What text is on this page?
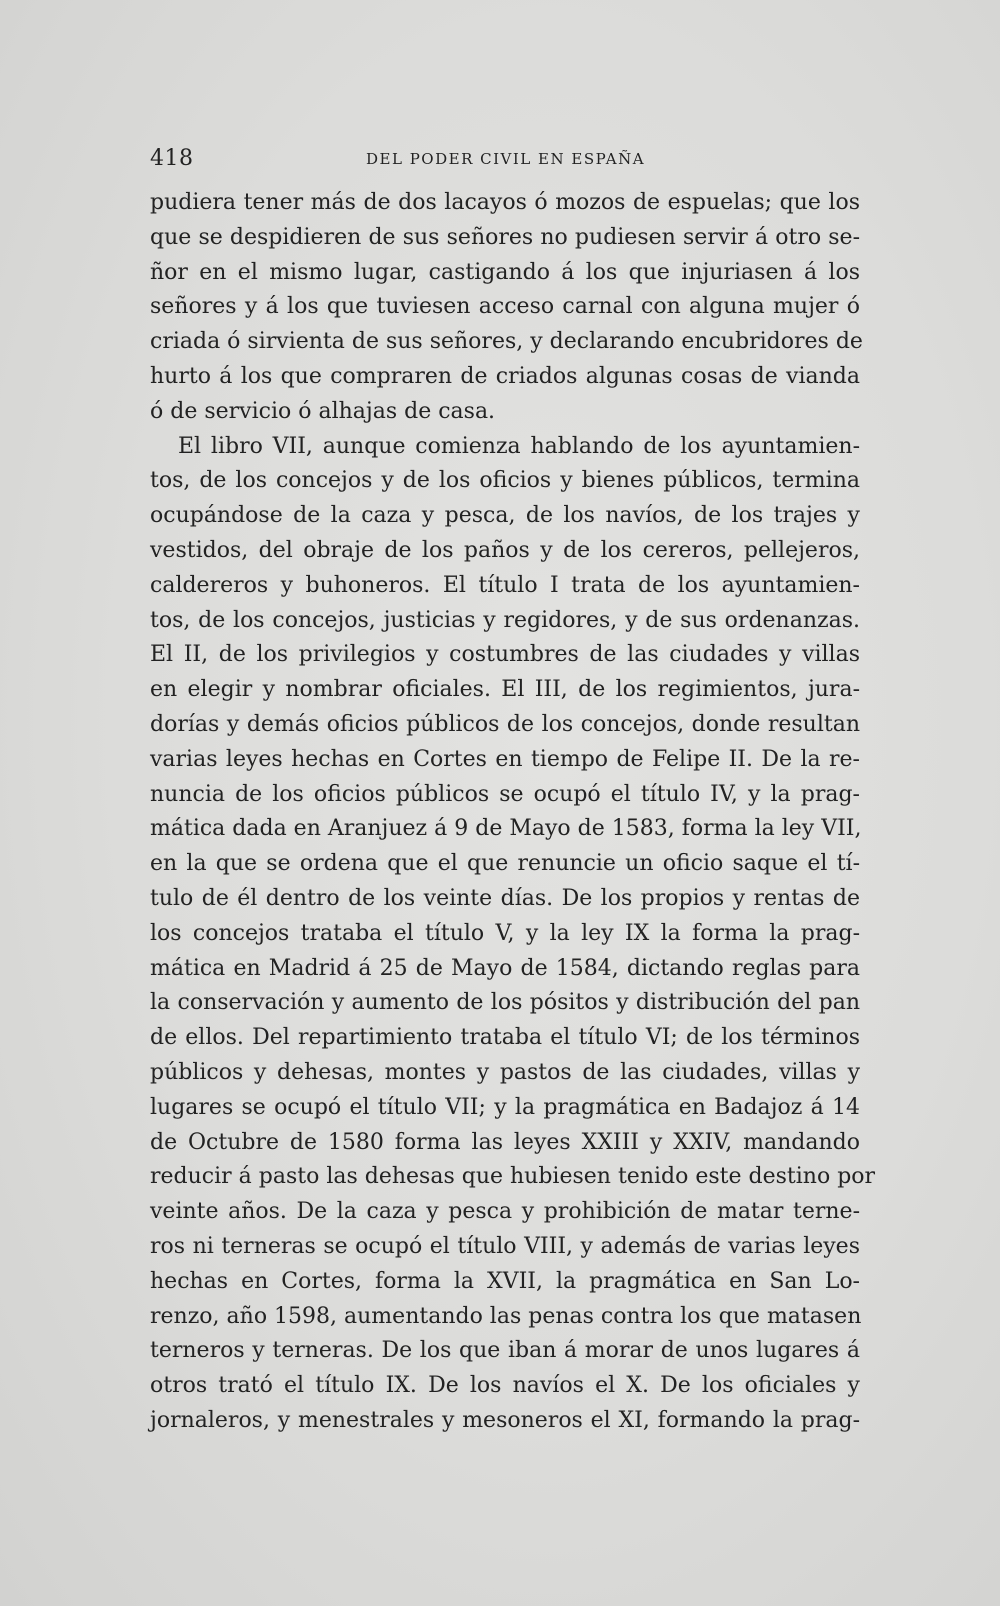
418	DEL PODER CIVIL EN ESPAÑA
pudiera tener más de dos lacayos ó mozos de espuelas; que los
que se despidieren de sus señores no pudiesen servir á otro se-
ñor en el mismo lugar, castigando á los que injuriasen á los
señores y á los que tuviesen acceso carnal con alguna mujer ó
criada ó sirvienta de sus señores, y declarando encubridores de
hurto á los que compraren de criados algunas cosas de vianda
ó de servicio ó alhajas de casa.
El libro VII, aunque comienza hablando de los ayuntamien-
tos, de los concejos y de los oficios y bienes públicos, termina
ocupándose de la caza y pesca, de los navíos, de los trajes y
vestidos, del obraje de los paños y de los cereros, pellejeros,
caldereros y buhoneros. El título I trata de los ayuntamien-
tos, de los concejos, justicias y regidores, y de sus ordenanzas.
El II, de los privilegios y costumbres de las ciudades y villas
en elegir y nombrar oficiales. El III, de los regimientos, jura-
dorías y demás oficios públicos de los concejos, donde resultan
varias leyes hechas en Cortes en tiempo de Felipe II. De la re-
nuncia de los oficios públicos se ocupó el título IV, y la prag-
mática dada en Aranjuez á 9 de Mayo de 1583, forma la ley VII,
en la que se ordena que el que renuncie un oficio saque el tí-
tulo de él dentro de los veinte días. De los propios y rentas de
los concejos trataba el título V, y la ley IX la forma la prag-
mática en Madrid á 25 de Mayo de 1584, dictando reglas para
la conservación y aumento de los pósitos y distribución del pan
de ellos. Del repartimiento trataba el título VI; de los términos
públicos y dehesas, montes y pastos de las ciudades, villas y
lugares se ocupó el título VII; y la pragmática en Badajoz á 14
de Octubre de 1580 forma las leyes XXIII y XXIV, mandando
reducir á pasto las dehesas que hubiesen tenido este destino por
veinte años. De la caza y pesca y prohibición de matar terne-
ros ni terneras se ocupó el título VIII, y además de varias leyes
hechas en Cortes, forma la XVII, la pragmática en San Lo-
renzo, año 1598, aumentando las penas contra los que matasen
terneros y terneras. De los que iban á morar de unos lugares á
otros trató el título IX. De los navíos el X. De los oficiales y
jornaleros, y menestrales y mesoneros el XI, formando la prag-
